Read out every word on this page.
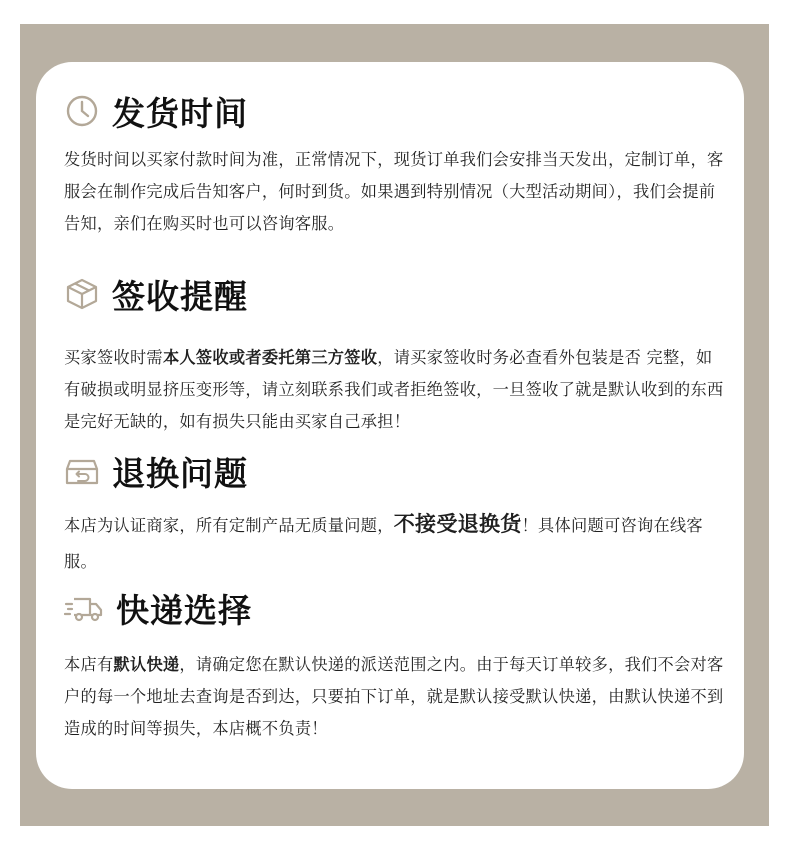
发货时间

发货时间以买家付款时间为准，正常情况下，现货订单我们会安排当天发出，定制订单，客服会在制作完成后告知客户，何时到货。如果遇到特别情况（大型活动期间），我们会提前告知，亲们在购买时也可以咨询客服。

签收提醒

买家签收时需本人签收或者委托第三方签收，请买家签收时务必查看外包装是否 完整，如有破损或明显挤压变形等，请立刻联系我们或者拒绝签收，一旦签收了就是默认收到的东西是完好无缺的，如有损失只能由买家自己承担！

退换问题

本店为认证商家，所有定制产品无质量问题，不接受退换货！具体问题可咨询在线客服。

快递选择

本店有默认快递，请确定您在默认快递的派送范围之内。由于每天订单较多，我们不会对客户的每一个地址去查询是否到达，只要拍下订单，就是默认接受默认快递，由默认快递不到造成的时间等损失，本店概不负责！
